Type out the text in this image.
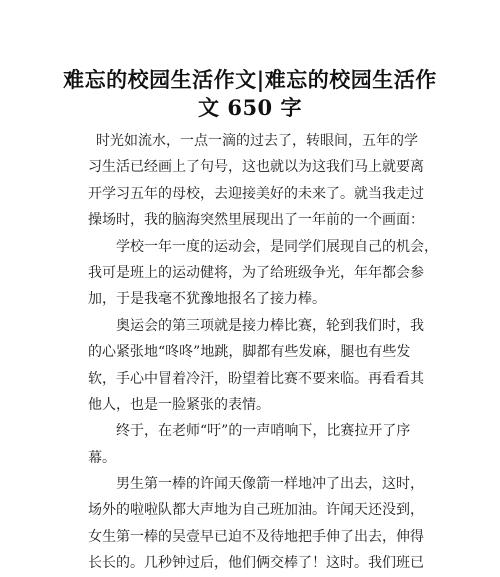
难忘的校园生活作文|难忘的校园生活作
文 650 字
时光如流水，一点一滴的过去了，转眼间，五年的学
习生活已经画上了句号，这也就以为这我们马上就要离
开学习五年的母校，去迎接美好的未来了。就当我走过
操场时，我的脑海突然里展现出了一年前的一个画面：
学校一年一度的运动会，是同学们展现自己的机会，
我可是班上的运动健将，为了给班级争光，年年都会参
加，于是我毫不犹豫地报名了接力棒。
奥运会的第三项就是接力棒比赛，轮到我们时，我
的心紧张地“咚咚”地跳，脚都有些发麻，腿也有些发
软，手心中冒着冷汗，盼望着比赛不要来临。再看看其
他人，也是一脸紧张的表情。
终于，在老师“吁”的一声哨响下，比赛拉开了序
幕。
男生第一棒的许闻天像箭一样地冲了出去，这时，
场外的啦啦队都大声地为自己班加油。许闻天还没到，
女生第一棒的吴壹早已迫不及待地把手伸了出去，伸得
长长的。几秒钟过后，他们俩交棒了！这时。我们班已
